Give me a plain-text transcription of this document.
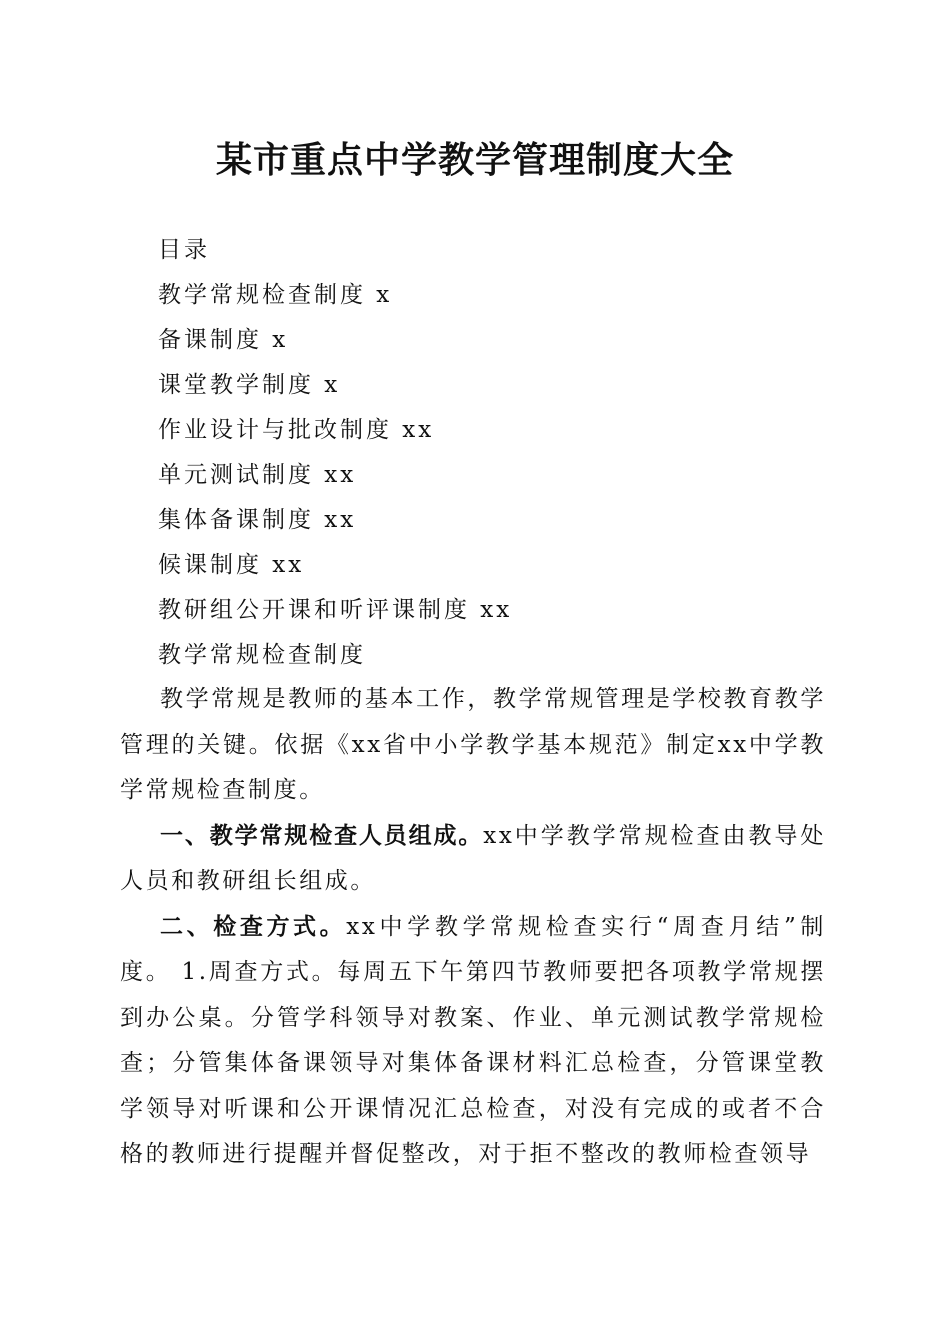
某市重点中学教学管理制度大全
目录
教学常规检查制度 x
备课制度 x
课堂教学制度 x
作业设计与批改制度 xx
单元测试制度 xx
集体备课制度 xx
候课制度 xx
教研组公开课和听评课制度 xx
教学常规检查制度

教学常规是教师的基本工作，教学常规管理是学校教育教学管理的关键。依据《xx省中小学教学基本规范》制定xx中学教学常规检查制度。

一、教学常规检查人员组成。xx中学教学常规检查由教导处人员和教研组长组成。

二、检查方式。xx中学教学常规检查实行“周查月结”制度。 1.周查方式。每周五下午第四节教师要把各项教学常规摆到办公桌。分管学科领导对教案、作业、单元测试教学常规检查；分管集体备课领导对集体备课材料汇总检查，分管课堂教学领导对听课和公开课情况汇总检查，对没有完成的或者不合格的教师进行提醒并督促整改，对于拒不整改的教师检查领导
